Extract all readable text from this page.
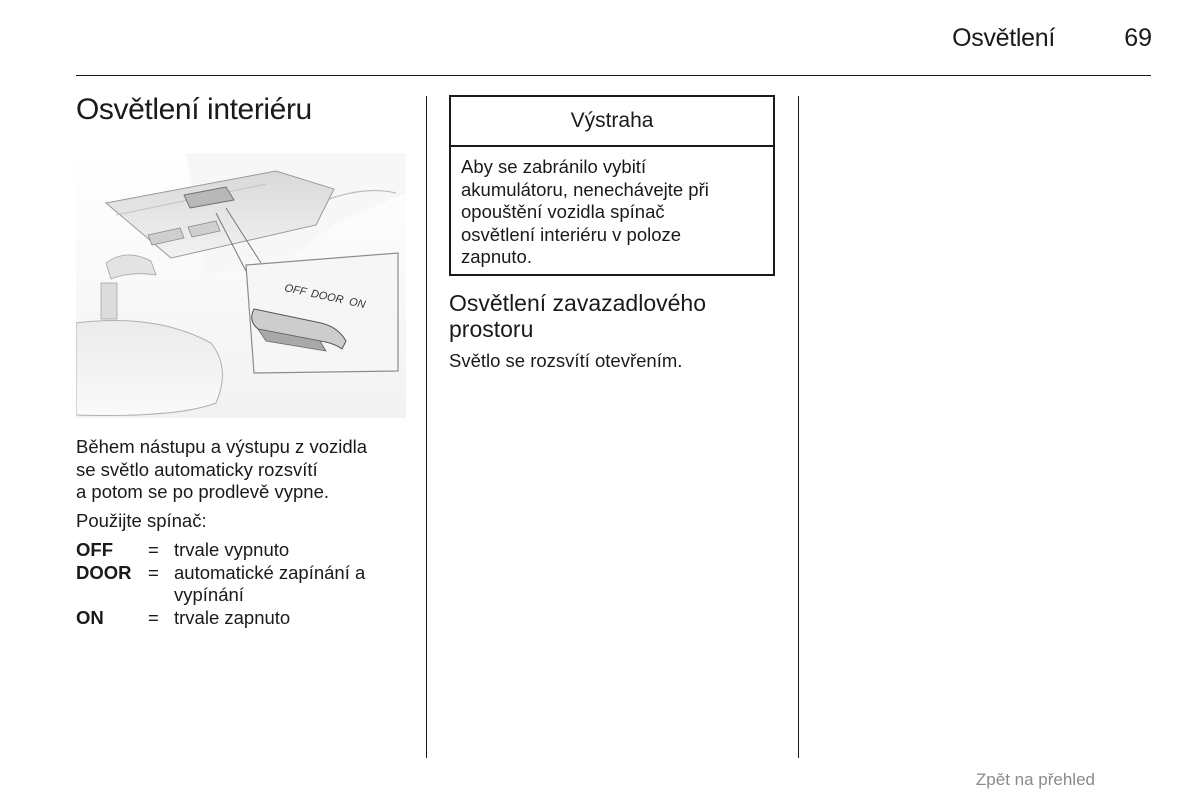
Osvětlení	69
Osvětlení interiéru
OFF DOOR ON

Během nástupu a výstupu z vozidla
se světlo automaticky rozsvítí
a potom se po prodlevě vypne.

Použijte spínač:

OFF	= trvale vypnuto
DOOR = automatické zapínání a vypínání
ON	= trvale zapnuto
Výstraha
Aby se zabránilo vybití
akumulátoru, nenechávejte při
opouštění vozidla spínač
osvětlení interiéru v poloze
zapnuto.
Osvětlení zavazadlového
prostoru

Světlo se rozsvítí otevřením.

Zpět na přehled
